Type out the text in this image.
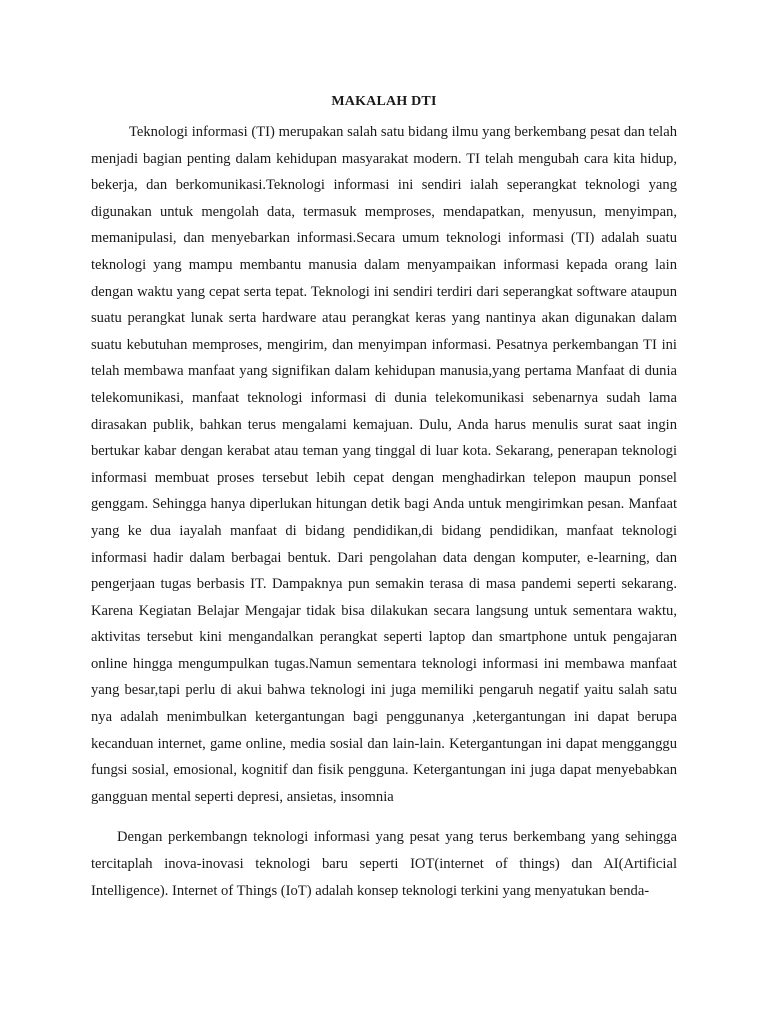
MAKALAH DTI

Teknologi informasi (TI) merupakan salah satu bidang ilmu yang berkembang pesat dan telah menjadi bagian penting dalam kehidupan masyarakat modern. TI telah mengubah cara kita hidup, bekerja, dan berkomunikasi.Teknologi informasi ini sendiri ialah seperangkat teknologi yang digunakan untuk mengolah data, termasuk memproses, mendapatkan, menyusun, menyimpan, memanipulasi, dan menyebarkan informasi.Secara umum teknologi informasi (TI) adalah suatu teknologi yang mampu membantu manusia dalam menyampaikan informasi kepada orang lain dengan waktu yang cepat serta tepat. Teknologi ini sendiri terdiri dari seperangkat software ataupun suatu perangkat lunak serta hardware atau perangkat keras yang nantinya akan digunakan dalam suatu kebutuhan memproses, mengirim, dan menyimpan informasi. Pesatnya perkembangan TI ini telah membawa manfaat yang signifikan dalam kehidupan manusia,yang pertama Manfaat di dunia telekomunikasi, manfaat teknologi informasi di dunia telekomunikasi sebenarnya sudah lama dirasakan publik, bahkan terus mengalami kemajuan. Dulu, Anda harus menulis surat saat ingin bertukar kabar dengan kerabat atau teman yang tinggal di luar kota. Sekarang, penerapan teknologi informasi membuat proses tersebut lebih cepat dengan menghadirkan telepon maupun ponsel genggam. Sehingga hanya diperlukan hitungan detik bagi Anda untuk mengirimkan pesan. Manfaat yang ke dua iayalah manfaat di bidang pendidikan,di bidang pendidikan, manfaat teknologi informasi hadir dalam berbagai bentuk. Dari pengolahan data dengan komputer, e-learning, dan pengerjaan tugas berbasis IT. Dampaknya pun semakin terasa di masa pandemi seperti sekarang. Karena Kegiatan Belajar Mengajar tidak bisa dilakukan secara langsung untuk sementara waktu, aktivitas tersebut kini mengandalkan perangkat seperti laptop dan smartphone untuk pengajaran online hingga mengumpulkan tugas.Namun sementara teknologi informasi ini membawa manfaat yang besar,tapi perlu di akui bahwa teknologi ini juga memiliki pengaruh negatif yaitu salah satu nya adalah menimbulkan ketergantungan bagi penggunanya ,ketergantungan ini dapat berupa kecanduan internet, game online, media sosial dan lain-lain. Ketergantungan ini dapat mengganggu fungsi sosial, emosional, kognitif dan fisik pengguna. Ketergantungan ini juga dapat menyebabkan gangguan mental seperti depresi, ansietas, insomnia

Dengan perkembangn teknologi informasi yang pesat yang terus berkembang yang sehingga tercitaplah inova-inovasi teknologi baru seperti IOT(internet of things) dan AI(Artificial Intelligence). Internet of Things (IoT) adalah konsep teknologi terkini yang menyatukan benda-
